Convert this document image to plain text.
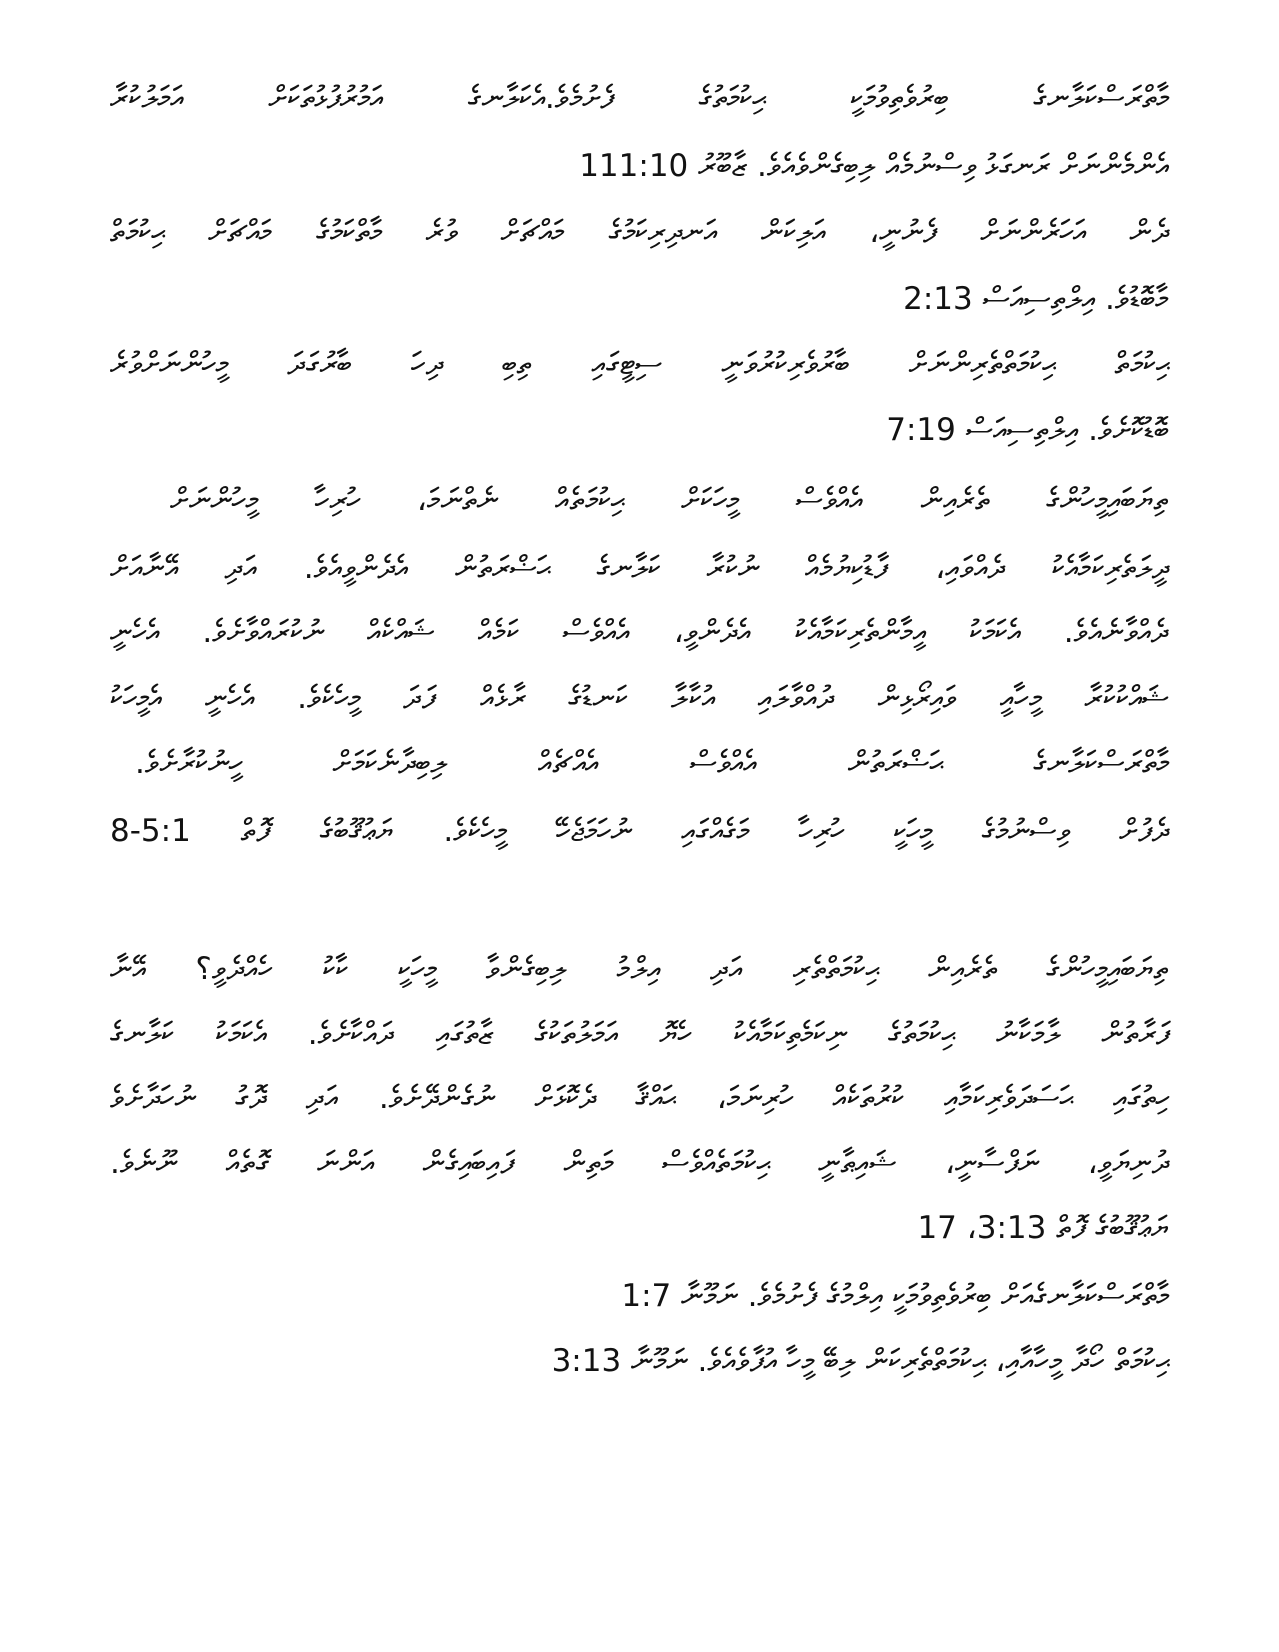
މާތްރަސްކަލާނގެ ބިރުވެތިވުމަކީ ޙިކުމަތުގެ ފެށުމެވެ.އެކަލާނގެ އަމުރުފުޅުތަކަށް އަމަލުކުރާ
އެންމެންނަށް ރަނގަޅު ވިސްނުމެއް ލިބިގެންވެއެވެ. ޒާބޫރު 111:10
ދެން އަހަރެންނަށް ފެނުނީ، އަލިކަން އަނދިރިކަމުގެ މައްޗަށް ވުރެ މާތްކަމުގެ މައްޗަށް ޙިކުމަތް
މާބޮޑުވެ. އިލްތިސިއަސް 2:13
ޙިކުމަތް ޙިކުމަތްތެރިންނަށް ބާރުވެރިކުރުވަނީ ސިޓީގައި ތިބި ދިހަ ބާރުގަދަ މީހުންނަށްވުރެ
ބޮޑުކޮށެވެ. އިލްތިސިއަސް 7:19
ތިޔަބައިމީހުންގެ ތެރެއިން އެއްވެސް މީހަކަށް ޙިކުމަތެއް ނެތްނަމަ، ހުރިހާ މީހުންނަށް
ދީލަތެރިކަމާއެކު ދެއްވައި، ފާޑުކިޔުމެއް ނުކުރާ ކަލާނގެ ޙަޟްރަތުން އެދެންވީއެވެ. އަދި އޭނާއަށް
ދެއްވާނެއެވެ. އެކަމަކު އީމާންތެރިކަމާއެކު އެދެންވީ، އެއްވެސް ކަމެއް ޝައްކެއް ނުކުރައްވާށެވެ. އެހެނީ
ޝައްކުކުރާ މީހާއީ ވައިރޯޅިން ދުއްވާލައި އުކާލާ ކަނޑުގެ ރާޅެއް ފަދަ މީހެކެވެ. އެހެނީ އެމީހަކު
މާތްރަސްކަލާނގެ ޙަޟްރަތުން އެއްވެސް އެއްޗެއް ލިބިދާނެކަމަށް ހީނުކުރާށެވެ.
ދެފުށް ވިސްނުމުގެ މީހަކީ ހުރިހާ މަގެއްގައި ނުހަމަޖެހޭ މީހެކެވެ. ޔަޢުޤޫބުގެ ފޮތް 5:1-8
ތިޔަބައިމީހުންގެ ތެރެއިން ޙިކުމަތްތެރި އަދި އިލްމު ލިބިގެންވާ މީހަކީ ކާކު ހެއްދެވީ؟ އޭނާ
ފަރާތުން ލާމަކާނު ޙިކުމަތުގެ ނިކަމެތިކަމާއެކު ހެޔޮ އަމަލުތަކުގެ ޒާތުގައި ދައްކާށެވެ. އެކަމަކު ކަލާނގެ
ހިތުގައި ޙަސަދަވެރިކަމާއި ކުރުތަކެއް ހުރިނަމަ، ޙައްޤާ ދެކޮޅަށް ނުގެންދޭށެވެ. އަދި ދޮގު ނުހަދާށެވެ
ދުނިޔަވީ، ނަފްސާނީ، ޝައިޠާނީ ޙިކުމަތެއްވެސް މަތިން ފައިބައިގެން އަންނަ ގޮތެއް ނޫނެވެ.
ޔަޢުޤޫބުގެ ފޮތް 3:13، 17
މާތްރަސްކަލާނގެއަށް ބިރުވެތިވުމަކީ އިލްމުގެ ފެށުމެވެ. ނަމޫނާ 1:7
ޙިކުމަތް ހޯދާ މީހާއާއި، ޙިކުމަތްތެރިކަން ލިބޭ މީހާ އުފާވެއެވެ. ނަމޫނާ 3:13
